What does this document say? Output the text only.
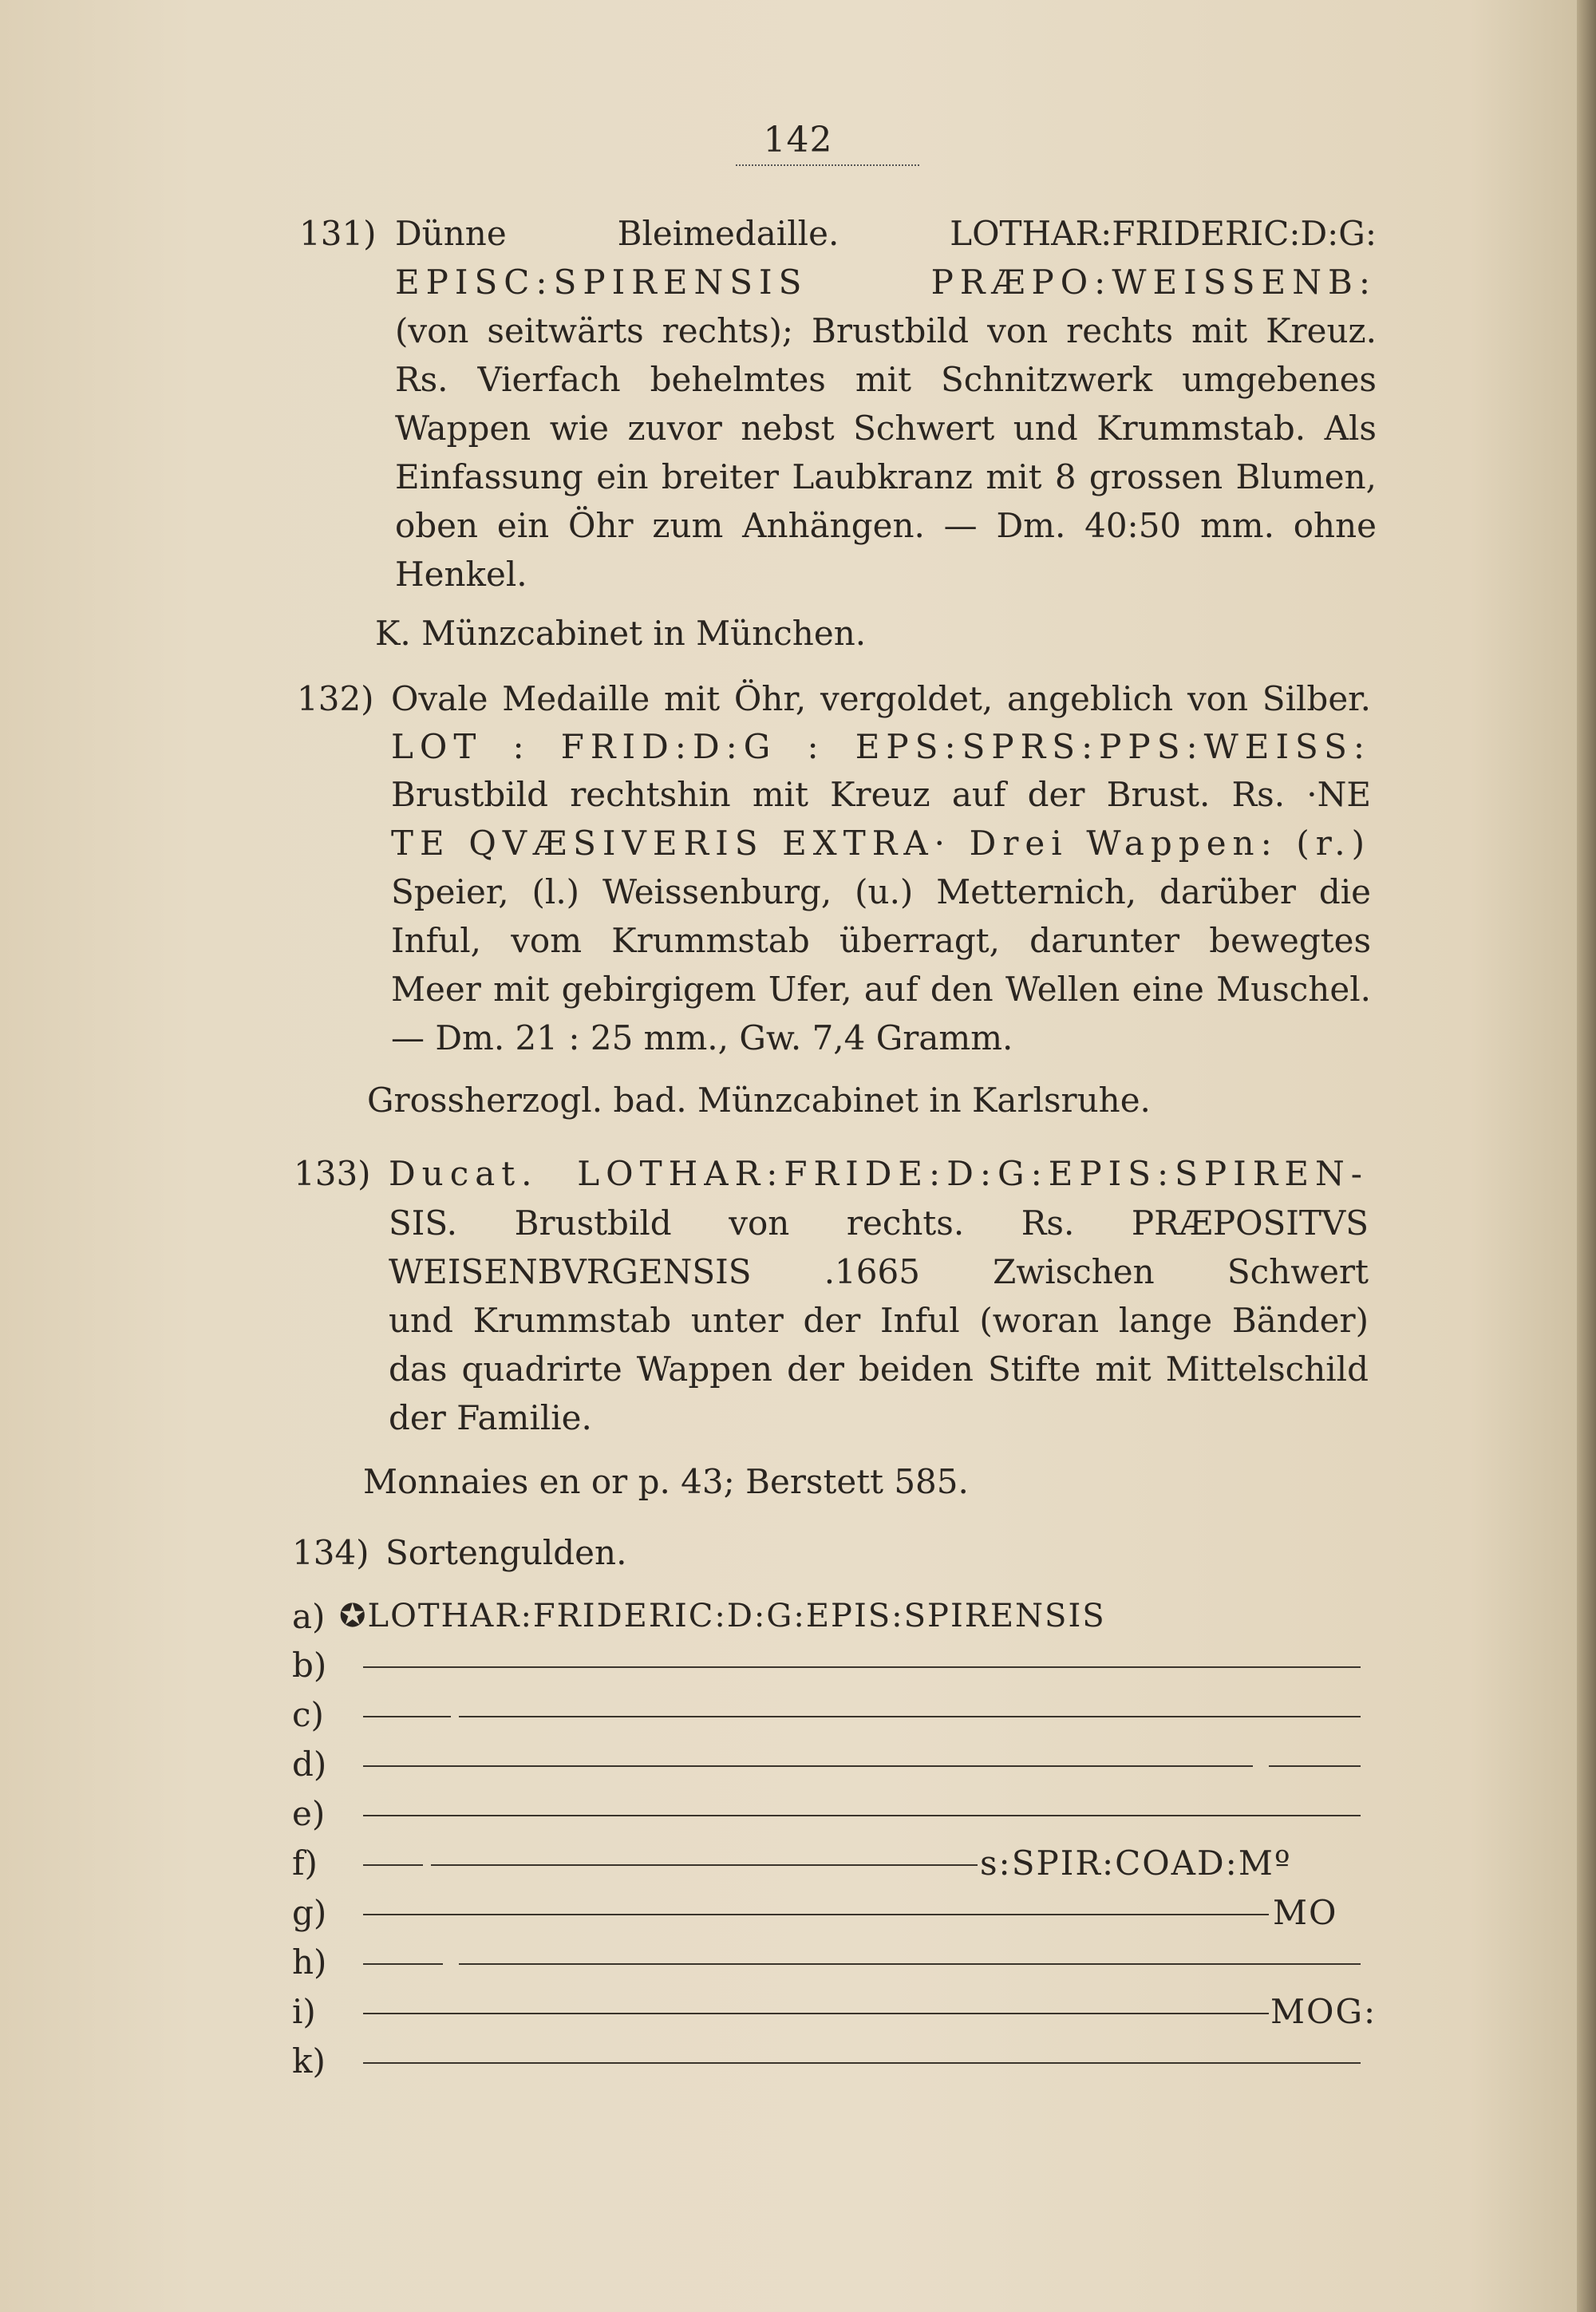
142
131) Dünne Bleimedaille. LOTHAR:FRIDERIC:D:G:
EPISC:SPIRENSIS PRÆPO:WEISSENB:
(von seitwärts rechts); Brustbild von rechts mit Kreuz.
Rs. Vierfach behelmtes mit Schnitzwerk umgebenes
Wappen wie zuvor nebst Schwert und Krummstab. Als
Einfassung ein breiter Laubkranz mit 8 grossen Blumen,
oben ein Öhr zum Anhängen. — Dm. 40:50 mm. ohne
Henkel.
K. Münzcabinet in München.
132) Ovale Medaille mit Öhr, vergoldet, angeblich von Silber.
LOT : FRID:D:G : EPS:SPRS:PPS:WEISS:
Brustbild rechtshin mit Kreuz auf der Brust. Rs. ·NE
TE QVÆSIVERIS EXTRA· Drei Wappen: (r.)
Speier, (l.) Weissenburg, (u.) Metternich, darüber die
Inful, vom Krummstab überragt, darunter bewegtes
Meer mit gebirgigem Ufer, auf den Wellen eine Muschel.
— Dm. 21 : 25 mm., Gw. 7,4 Gramm.
Grossherzogl. bad. Münzcabinet in Karlsruhe.
133) Ducat. LOTHAR:FRIDE:D:G:EPIS:SPIREN-
SIS. Brustbild von rechts. Rs. PRÆPOSITVS
WEISENBVRGENSIS .1665 Zwischen Schwert
und Krummstab unter der Inful (woran lange Bänder)
das quadrirte Wappen der beiden Stifte mit Mittelschild
der Familie.
Monnaies en or p. 43; Berstett 585.
134) Sortengulden.
a) ✪LOTHAR:FRIDERIC:D:G:EPIS:SPIRENSIS
b)
c)
d)
e)
f)	s:SPIR:COAD:Mº
g)	MO
h)
i)	MOG:
k)
